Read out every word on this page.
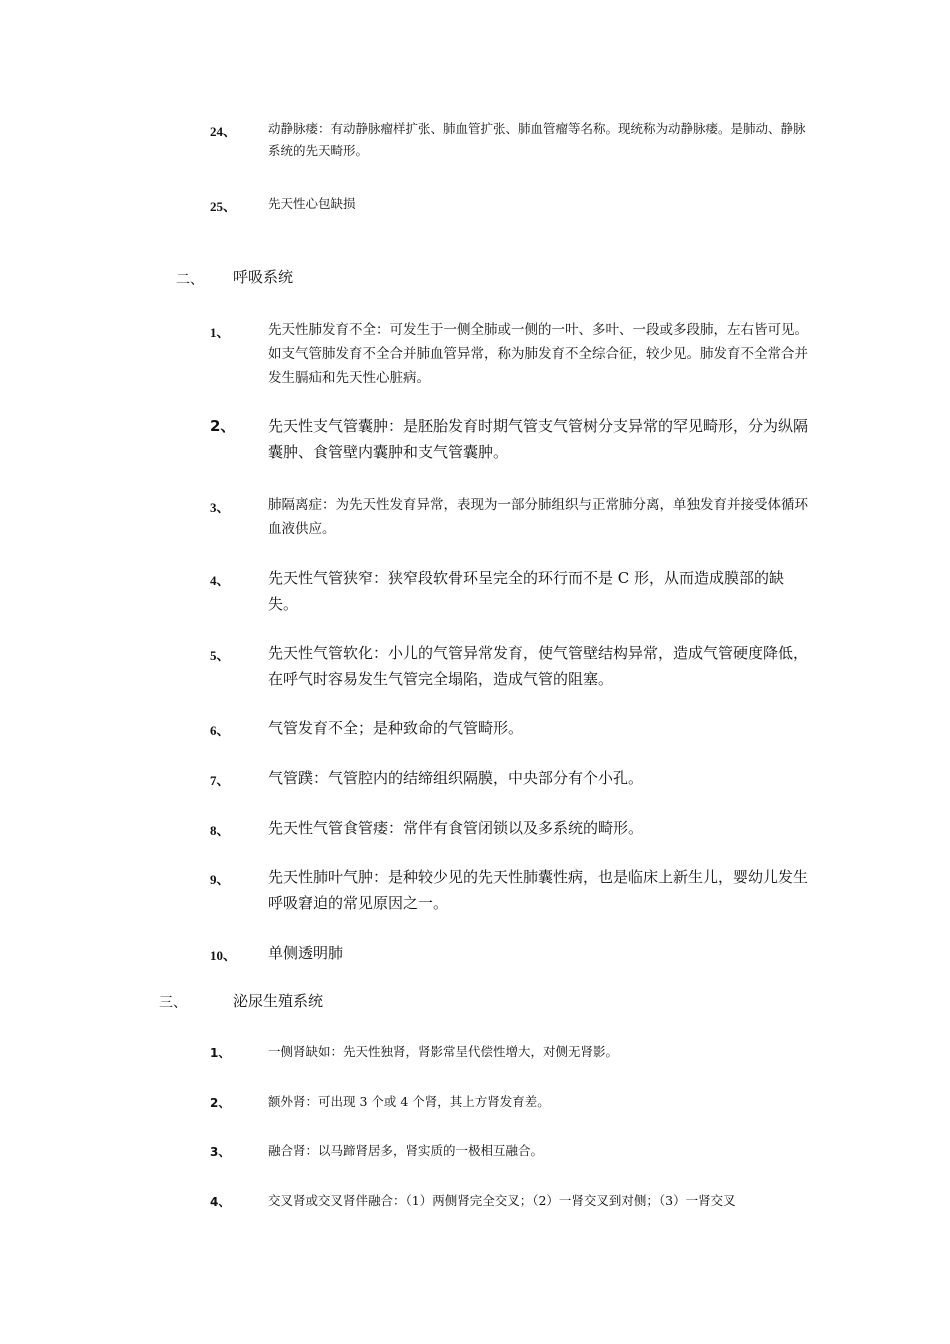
24、	动静脉瘘：有动静脉瘤样扩张、肺血管扩张、肺血管瘤等名称。现统称为动静脉瘘。是肺动、静脉系统的先天畸形。
25、	先天性心包缺损
二、 呼吸系统
1、	先天性肺发育不全：可发生于一侧全肺或一侧的一叶、多叶、一段或多段肺，左右皆可见。如支气管肺发育不全合并肺血管异常，称为肺发育不全综合征，较少见。肺发育不全常合并发生膈疝和先天性心脏病。
2、 先天性支气管囊肿：是胚胎发育时期气管支气管树分支异常的罕见畸形，分为纵隔囊肿、食管壁内囊肿和支气管囊肿。
3、	肺隔离症：为先天性发育异常，表现为一部分肺组织与正常肺分离，单独发育并接受体循环血液供应。
4、	先天性气管狭窄：狭窄段软骨环呈完全的环行而不是 C 形，从而造成膜部的缺失。
5、	先天性气管软化：小儿的气管异常发育，使气管壁结构异常，造成气管硬度降低，在呼气时容易发生气管完全塌陷，造成气管的阻塞。
6、	气管发育不全；是种致命的气管畸形。
7、	气管蹼：气管腔内的结缔组织隔膜，中央部分有个小孔。
8、	先天性气管食管瘘：常伴有食管闭锁以及多系统的畸形。
9、	先天性肺叶气肿：是种较少见的先天性肺囊性病，也是临床上新生儿，婴幼儿发生呼吸窘迫的常见原因之一。
10、 单侧透明肺
三、	泌尿生殖系统
1、	一侧肾缺如：先天性独肾，肾影常呈代偿性增大，对侧无肾影。
2、	额外肾：可出现 3 个或 4 个肾，其上方肾发育差。
3、	融合肾：以马蹄肾居多，肾实质的一极相互融合。
4、	交叉肾或交叉肾伴融合：（1）两侧肾完全交叉；（2）一肾交叉到对侧；（3）一肾交叉
